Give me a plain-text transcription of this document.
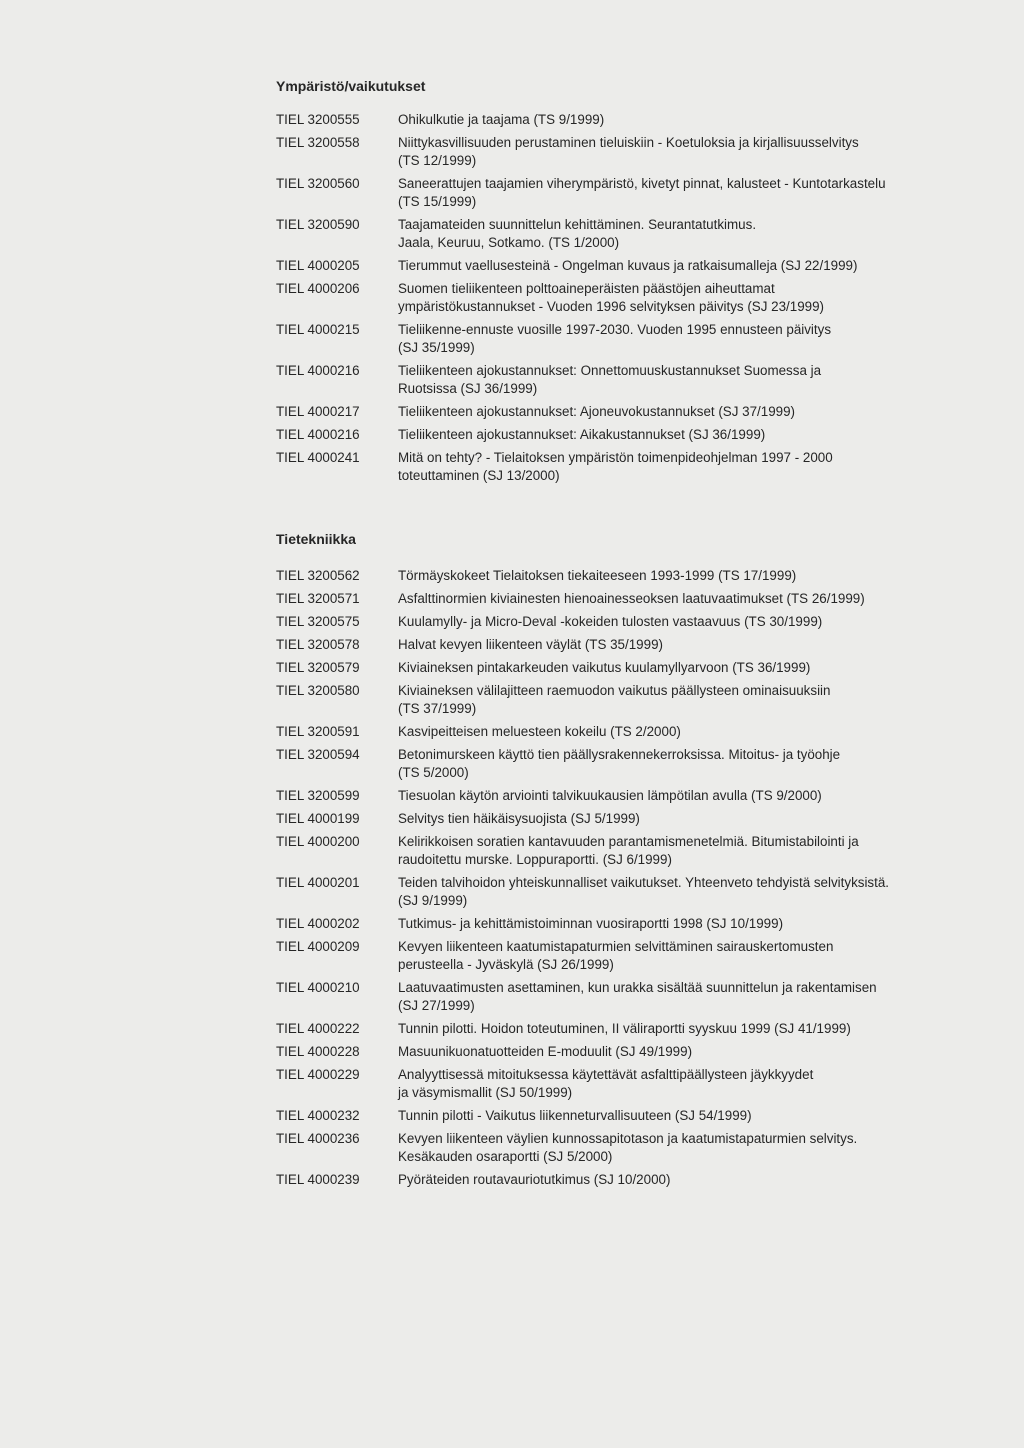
Ympäristö/vaikutukset
TIEL 3200555	Ohikulkutie ja taajama (TS 9/1999)
TIEL 3200558	Niittykasvillisuuden perustaminen tieluiskiin - Koetuloksia ja kirjallisuusselvitys
(TS 12/1999)
TIEL 3200560	Saneerattujen taajamien viherympäristö, kivetyt pinnat, kalusteet - Kuntotarkastelu
(TS 15/1999)
TIEL 3200590	Taajamateiden suunnittelun kehittäminen. Seurantatutkimus.
Jaala, Keuruu, Sotkamo. (TS 1/2000)
TIEL 4000205	Tierummut vaellusesteinä - Ongelman kuvaus ja ratkaisumalleja (SJ 22/1999)
TIEL 4000206	Suomen tieliikenteen polttoaineperäisten päästöjen aiheuttamat
ympäristökustannukset - Vuoden 1996 selvityksen päivitys (SJ 23/1999)
TIEL 4000215	Tieliikenne-ennuste vuosille 1997-2030. Vuoden 1995 ennusteen päivitys
(SJ 35/1999)
TIEL 4000216	Tieliikenteen ajokustannukset: Onnettomuuskustannukset Suomessa ja
Ruotsissa (SJ 36/1999)
TIEL 4000217	Tieliikenteen ajokustannukset: Ajoneuvokustannukset (SJ 37/1999)
TIEL 4000216	Tieliikenteen ajokustannukset: Aikakustannukset (SJ 36/1999)
TIEL 4000241	Mitä on tehty? - Tielaitoksen ympäristön toimenpideohjelman 1997 - 2000
toteuttaminen (SJ 13/2000)
Tietekniikka
TIEL 3200562	Törmäyskokeet Tielaitoksen tiekaiteeseen 1993-1999 (TS 17/1999)
TIEL 3200571	Asfalttinormien kiviainesten hienoainesseoksen laatuvaatimukset (TS 26/1999)
TIEL 3200575	Kuulamylly- ja Micro-Deval -kokeiden tulosten vastaavuus (TS 30/1999)
TIEL 3200578	Halvat kevyen liikenteen väylät (TS 35/1999)
TIEL 3200579	Kiviaineksen pintakarkeuden vaikutus kuulamyllyarvoon (TS 36/1999)
TIEL 3200580	Kiviaineksen välilajitteen raemuodon vaikutus päällysteen ominaisuuksiin
(TS 37/1999)
TIEL 3200591	Kasvipeitteisen meluesteen kokeilu (TS 2/2000)
TIEL 3200594	Betonimurskeen käyttö tien päällysrakennekerroksissa. Mitoitus- ja työohje
(TS 5/2000)
TIEL 3200599	Tiesuolan käytön arviointi talvikuukausien lämpötilan avulla (TS 9/2000)
TIEL 4000199	Selvitys tien häikäisysuojista (SJ 5/1999)
TIEL 4000200	Kelirikkoisen soratien kantavuuden parantamismenetelmiä. Bitumistabilointi ja
raudoitettu murske. Loppuraportti. (SJ 6/1999)
TIEL 4000201	Teiden talvihoidon yhteiskunnalliset vaikutukset. Yhteenveto tehdyistä selvityksistä.
(SJ 9/1999)
TIEL 4000202	Tutkimus- ja kehittämistoiminnan vuosiraportti 1998 (SJ 10/1999)
TIEL 4000209	Kevyen liikenteen kaatumistapaturmien selvittäminen sairauskertomusten
perusteella - Jyväskylä (SJ 26/1999)
TIEL 4000210	Laatuvaatimusten asettaminen, kun urakka sisältää suunnittelun ja rakentamisen
(SJ 27/1999)
TIEL 4000222	Tunnin pilotti. Hoidon toteutuminen, II väliraportti syyskuu 1999 (SJ 41/1999)
TIEL 4000228	Masuunikuonatuotteiden E-moduulit (SJ 49/1999)
TIEL 4000229	Analyyttisessä mitoituksessa käytettävät asfalttipäällysteen jäykkyydet
ja väsymismallit (SJ 50/1999)
TIEL 4000232	Tunnin pilotti - Vaikutus liikenneturvallisuuteen (SJ 54/1999)
TIEL 4000236	Kevyen liikenteen väylien kunnossapitotason ja kaatumistapaturmien selvitys.
Kesäkauden osaraportti (SJ 5/2000)
TIEL 4000239	Pyöräteiden routavauriotutkimus (SJ 10/2000)
